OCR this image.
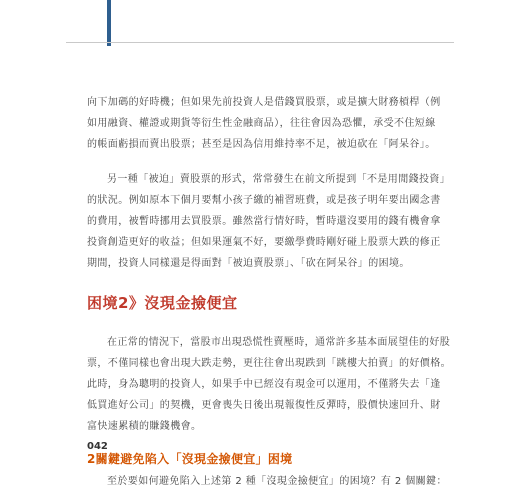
向下加碼的好時機；但如果先前投資人是借錢買股票，或是擴大財務槓桿（例
如用融資、權證或期貨等衍生性金融商品），往往會因為恐懼，承受不住短線
的帳面虧損而賣出股票；甚至是因為信用維持率不足，被迫砍在「阿呆谷」。

另一種「被迫」賣股票的形式，常常發生在前文所提到「不是用閒錢投資」
的狀況。例如原本下個月要幫小孩子繳的補習班費，或是孩子明年要出國念書
的費用，被暫時挪用去買股票。雖然當行情好時，暫時還沒要用的錢有機會拿
投資創造更好的收益；但如果運氣不好，要繳學費時剛好碰上股票大跌的修正
期間，投資人同樣還是得面對「被迫賣股票」、「砍在阿呆谷」的困境。

困境2》沒現金撿便宜

在正常的情況下，當股市出現恐慌性賣壓時，通常許多基本面展望佳的好股
票，不僅同樣也會出現大跌走勢，更往往會出現跌到「跳樓大拍賣」的好價格。
此時，身為聰明的投資人，如果手中已經沒有現金可以運用，不僅將失去「逢
低買進好公司」的契機，更會喪失日後出現報復性反彈時，股價快速回升、財
富快速累積的賺錢機會。

2關鍵避免陷入「沒現金撿便宜」困境

至於要如何避免陷入上述第 2 種「沒現金撿便宜」的困境？有 2 個關鍵：

042
